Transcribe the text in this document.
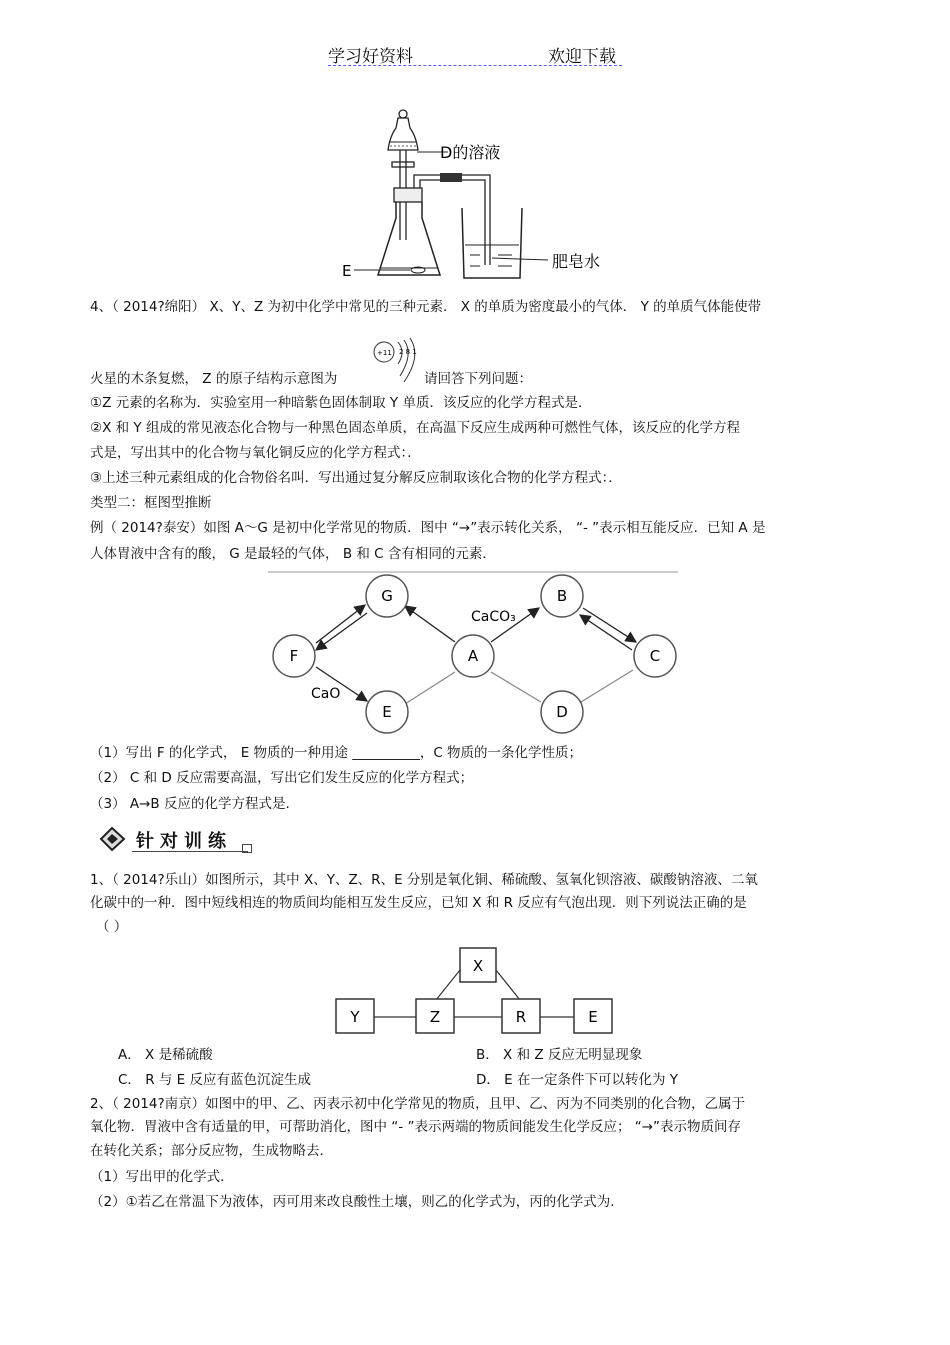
学习好资料	欢迎下载
肥皂水
D的溶液
E
4、（ 2014?绵阳） X、Y、Z 为初中化学中常见的三种元素． X 的单质为密度最小的气体． Y 的单质气体能使带
+11 2 8 1
火星的木条复燃， Z 的原子结构示意图为	请回答下列问题：
①Z 元素的名称为．实验室用一种暗紫色固体制取 Y 单质．该反应的化学方程式是．
②X 和 Y 组成的常见液态化合物与一种黑色固态单质，在高温下反应生成两种可燃性气体，该反应的化学方程
式是，写出其中的化合物与氧化铜反应的化学方程式：．
③上述三种元素组成的化合物俗名叫．写出通过复分解反应制取该化合物的化学方程式：．
类型二：框图型推断
例（ 2014?泰安）如图 A～G 是初中化学常见的物质．图中 “→”表示转化关系， “- ”表示相互能反应．已知 A 是
人体胃液中含有的酸， G 是最轻的气体， B 和 C 含有相同的元素．
G
F	A
E
B
C
D
CaCO₃
CaO
（1）写出 F 的化学式， E 物质的一种用途 __________，C 物质的一条化学性质；
（2） C 和 D 反应需要高温，写出它们发生反应的化学方程式；
（3） A→B 反应的化学方程式是.
针对训练
1、（ 2014?乐山）如图所示，其中 X、Y、Z、R、E 分别是氧化铜、稀硫酸、氢氧化钡溶液、碳酸钠溶液、二氧
化碳中的一种．图中短线相连的物质间均能相互发生反应，已知 X 和 R 反应有气泡出现．则下列说法正确的是
（ ）
X
Y	Z	R	E
A． X 是稀硫酸	B． X 和 Z 反应无明显现象
C． R 与 E 反应有蓝色沉淀生成	D． E 在一定条件下可以转化为 Y
2、（ 2014?南京）如图中的甲、乙、丙表示初中化学常见的物质，且甲、乙、丙为不同类别的化合物，乙属于
氧化物．胃液中含有适量的甲，可帮助消化，图中 “- ”表示两端的物质间能发生化学反应； “→”表示物质间存
在转化关系；部分反应物，生成物略去．
（1）写出甲的化学式．
（2）①若乙在常温下为液体，丙可用来改良酸性土壤，则乙的化学式为，丙的化学式为.
